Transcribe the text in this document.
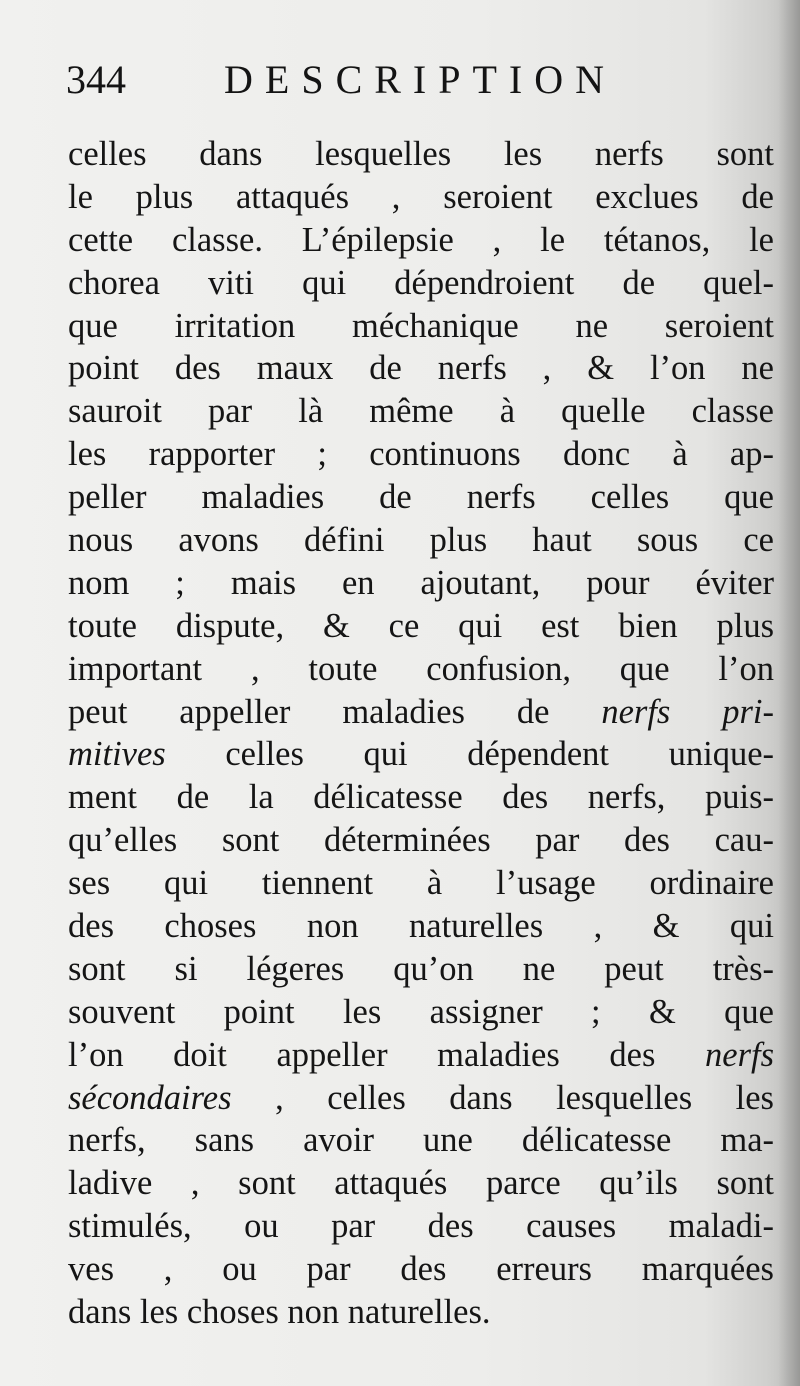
344 DESCRIPTION
celles dans lesquelles les nerfs sont
le plus attaqués , seroient exclues de
cette classe. L’épilepsie , le tétanos, le
chorea viti qui dépendroient de quel-
que irritation méchanique ne seroient
point des maux de nerfs , & l’on ne
sauroit par là même à quelle classe
les rapporter ; continuons donc à ap-
peller maladies de nerfs celles que
nous avons défini plus haut sous ce
nom ; mais en ajoutant, pour éviter
toute dispute, & ce qui est bien plus
important , toute confusion, que l’on
peut appeller maladies de nerfs pri-
mitives celles qui dépendent unique-
ment de la délicatesse des nerfs, puis-
qu’elles sont déterminées par des cau-
ses qui tiennent à l’usage ordinaire
des choses non naturelles , & qui
sont si légeres qu’on ne peut très-
souvent point les assigner ; & que
l’on doit appeller maladies des nerfs
sécondaires , celles dans lesquelles les
nerfs, sans avoir une délicatesse ma-
ladive , sont attaqués parce qu’ils sont
stimulés, ou par des causes maladi-
ves , ou par des erreurs marquées
dans les choses non naturelles.
